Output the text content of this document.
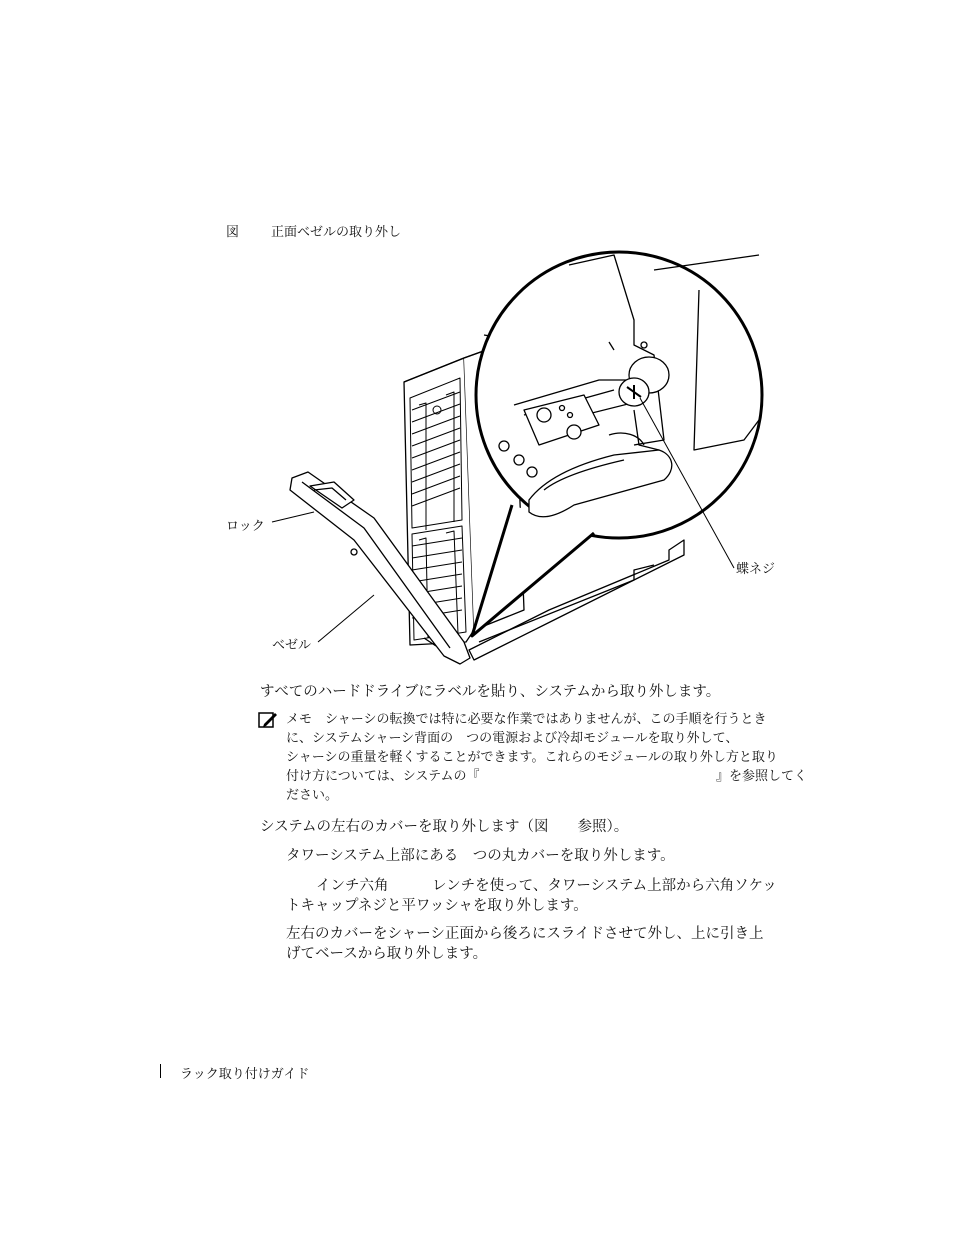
図 正面ベゼルの取り外し
ロック
ベゼル
蝶ネジ
すべてのハードドライブにラベルを貼り、システムから取り外します。
メモ　シャーシの転換では特に必要な作業ではありませんが、この手順を行うとき
に、システムシャーシ背面の　つの電源および冷却モジュールを取り外して、
シャーシの重量を軽くすることができます。これらのモジュールの取り外し方と取り
付け方については、システムの『	』を参照してく
ださい。
システムの左右のカバーを取り外します（図　　参照）。
タワーシステム上部にある　つの丸カバーを取り外します。
インチ六角　　　レンチを使って、タワーシステム上部から六角ソケッ
トキャップネジと平ワッシャを取り外します。
左右のカバーをシャーシ正面から後ろにスライドさせて外し、上に引き上
げてベースから取り外します。
ラック取り付けガイド
